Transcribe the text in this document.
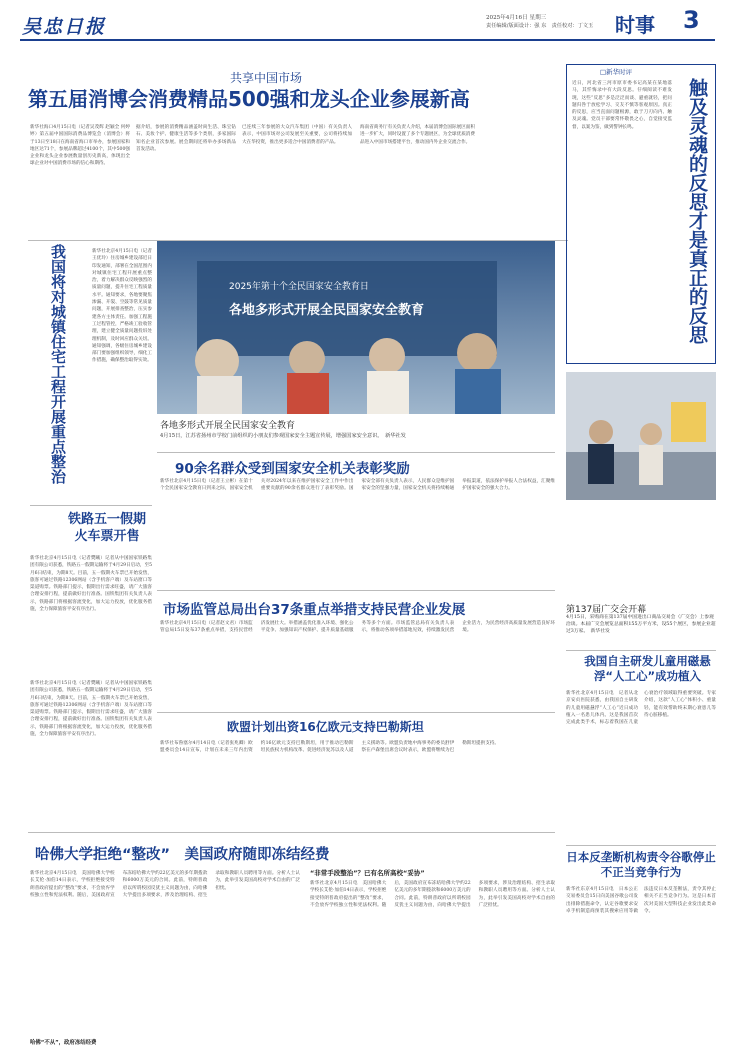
吴忠日报	2025年4月16日 星期三
责任编辑/版面设计：强 东　责任校对：丁文玉 时事 3
共享中国市场
第五届消博会消费精品500强和龙头企业参展新高
新华社海口4月15日电（记者吴茂辉 赵颖全 何婷婷）第五届中国国际消费品博览会（消博会）将于13日至18日在海南省海口市举办，参展国家和地区达71个，参展品牌超过4100个，其中500强企业和龙头企业参展数量创历史新高，体现出全球企业对中国消费市场的信心和期待。
据介绍，参展的消费精品涵盖时尚生活、珠宝钻石、美妆个护、健康生活等多个类别，多家国际知名企业首次参展。展会期间还将举办多场新品首发活动。
已连续三年参展的大众汽车集团（中国）有关负责人表示，中国市场对公司发展至关重要，公司将持续加大在华投资，推出更多适合中国消费者的产品。
海南省商务厅有关负责人介绍，本届消博会国际展区面积进一步扩大，同时设置了多个专题展区，为全球优质消费品进入中国市场搭建平台，推动国内外企业交流合作。
我国将对城镇住宅工程开展重点整治	新华社北京4月15日电（记者王优玲）住房城乡建设部近日印发通知，部署在全国范围内对城镇住宅工程开展重点整治，着力解决群众反映强烈的质量问题，提升住宅工程质量水平。通知要求，各地要聚焦渗漏、开裂、空鼓等常见质量问题，开展排查整治，压实参建各方主体责任。加强工程施工过程管控，严格竣工验收管理，建立健全质量问题投诉处理机制，及时回应群众关切。通知强调，各级住房城乡建设部门要加强组织领导，细化工作措施，确保整治取得实效。
铁路五一假期火车票开售
新华社北京4月15日电（记者樊曦）记者从中国国家铁路集团有限公司获悉，铁路五一假期运输将于4月29日启动，至5月6日结束，为期8天。目前，五一假期火车票已开始发售，旅客可通过铁路12306网站（含手机客户端）及车站窗口等渠道购票。铁路部门提示，假期出行需求旺盛，请广大旅客合理安排行程，提前做好出行准备。国铁集团有关负责人表示，铁路部门将根据客流变化，加大运力投放，优化服务措施，全力保障旅客平安有序出行。
2025年第十个全民国家安全教育日
各地多形式开展全民国家安全教育
各地多形式开展全民国家安全教育
4月15日，江苏省扬州市学校门前组织的小朋友们参观国家安全主题宣传展，增强国家安全意识。　新华社发
90余名群众受到国家安全机关表彰奖励
新华社北京4月15日电（记者王立彬）在第十个全民国家安全教育日到来之际，国家安全机关对2024年以来在维护国家安全工作中作出重要贡献的90余名群众进行了表彰奖励。国家安全部有关负责人表示，人民群众是维护国家安全的坚强力量，国家安全机关将持续畅通举报渠道，依法保护举报人合法权益，汇聚维护国家安全的强大合力。
市场监管总局出台37条重点举措支持民营企业发展
新华社北京4月15日电（记者赵文君）市场监管总局15日发布37条重点举措，支持民营经济发展壮大。举措涵盖优化准入环境、强化公平竞争、加强知识产权保护、提升质量基础服务等多个方面。市场监管总局有关负责人表示，将推动各项举措落地见效，持续激发民营企业活力，为民营经济高质量发展营造良好环境。
欧盟计划出资16亿欧元支持巴勒斯坦
新华社布鲁塞尔4月14日电（记者张兆卿）欧盟委员会14日宣布，计划在未来三年内出资约16亿欧元支持巴勒斯坦，用于推动巴勒斯坦民族权力机构改革、促进经济复苏以及人道主义援助等。欧盟负责地中海事务的委员舒伊察在卢森堡出席会议时表示，欧盟将继续为巴勒斯坦提供支持。
新华社北京4月15日电（记者樊曦）记者从中国国家铁路集团有限公司获悉，铁路五一假期运输将于4月29日启动，至5月6日结束，为期8天。目前，五一假期火车票已开始发售，旅客可通过铁路12306网站（含手机客户端）及车站窗口等渠道购票。铁路部门提示，假期出行需求旺盛，请广大旅客合理安排行程，提前做好出行准备。国铁集团有关负责人表示，铁路部门将根据客流变化，加大运力投放，优化服务措施，全力保障旅客平安有序出行。
哈佛大学拒绝“整改”　美国政府随即冻结经费
“非常手段整治”？已有名所高校“妥协”
新华社北京4月15日电　美国哈佛大学校长艾伦·加伯14日表示，学校拒绝接受特朗普政府提出的“整改”要求，不会放弃学校独立性和宪法权利。随后，美国政府宣布冻结哈佛大学约22亿美元的多年期拨款和6000万美元的合同。此前，特朗普政府以所谓校园反犹主义问题为由，向哈佛大学提出多项要求，涉及治理结构、招生录取和教职人员聘用等方面。分析人士认为，此举引发美国高校对学术自由的广泛担忧。
哈佛“不从”，政府冻结经费
新华社北京4月15日电　美国哈佛大学校长艾伦·加伯14日表示，学校拒绝接受特朗普政府提出的“整改”要求，不会放弃学校独立性和宪法权利。随后，美国政府宣布冻结哈佛大学约22亿美元的多年期拨款和6000万美元的合同。此前，特朗普政府以所谓校园反犹主义问题为由，向哈佛大学提出多项要求，涉及治理结构、招生录取和教职人员聘用等方面。分析人士认为，此举引发美国高校对学术自由的广泛担忧。
□新华时评
近日，河北省三河市原市委书记高某在某地落马，其忏悔录中有大段反思。仔细阅读不难发现，这些“反思”多是泛泛而谈、避重就轻，把问题归咎于放松学习、交友不慎等客观原因。真正的反思，应当直面问题根源，敢于刀刃向内、触及灵魂。党员干部要常怀敬畏之心，自觉接受监督，以案为鉴，做到警钟长鸣。	触及灵魂的反思才是真正的反思
第137届广交会开幕
4月15日，采购商在第137届中国进出口商品交易会（广交会）上参观洽谈。本届广交会展览总面积155万平方米，设55个展区，参展企业超过3万家。　新华社发
我国自主研发儿童用磁悬浮“人工心”成功植入
新华社北京4月15日电　记者从北京安贞医院获悉，由我国自主研发的儿童用磁悬浮“人工心”近日成功植入一名患儿体内。这是我国首次完成此类手术，标志着我国在儿童心衰治疗领域取得重要突破。专家介绍，这款“人工心”体积小、重量轻，能有效帮助终末期心衰患儿等待心脏移植。
日本反垄断机构责令谷歌停止不正当竞争行为
新华社东京4月15日电　日本公正交易委员会15日向美国谷歌公司发出排除措施命令，认定谷歌要求安卓手机制造商预装其搜索应用等做法违反日本反垄断法，责令其停止相关不正当竞争行为。这是日本首次对美国大型科技企业发出此类命令。
